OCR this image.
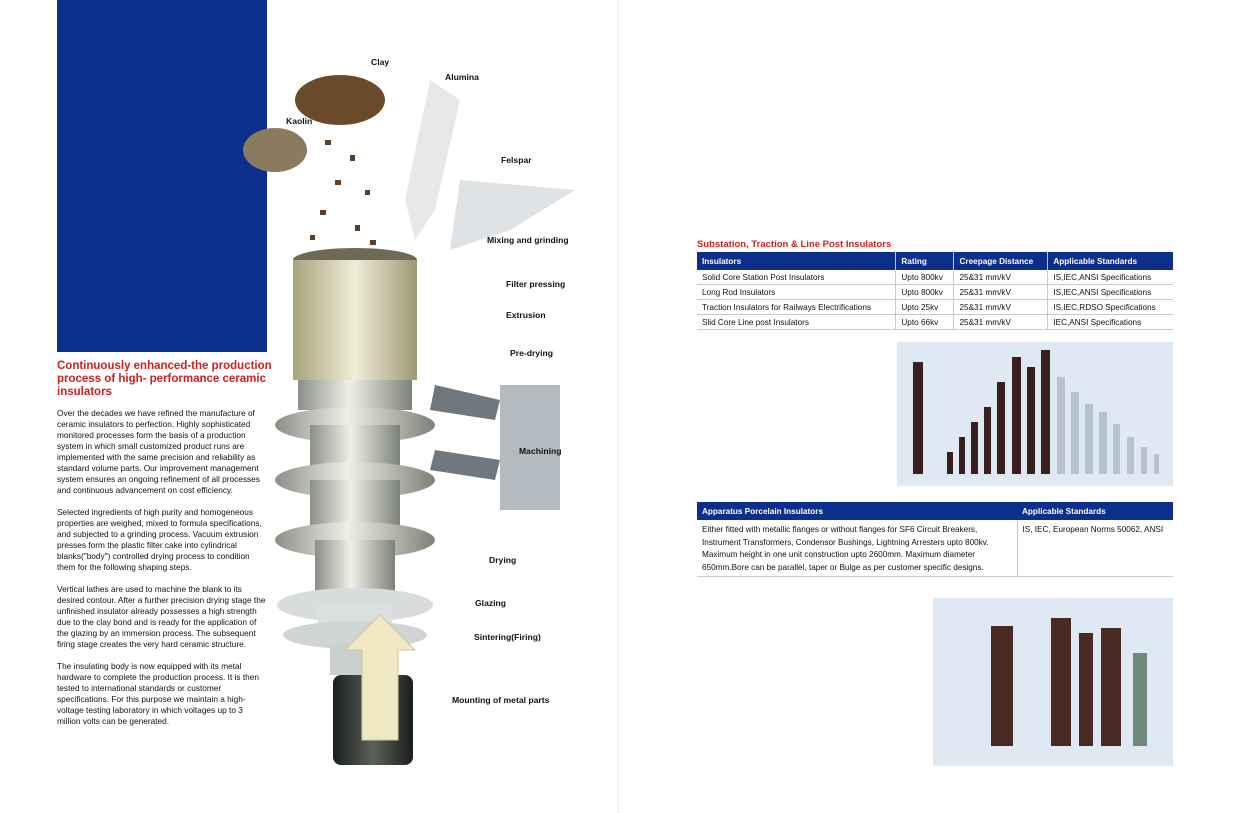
Continuously enhanced-the production process of high- performance ceramic insulators

Over the decades we have refined the manufacture of ceramic insulators to perfection. Highly sophisticated monitored processes form the basis of a production system in which small customized product runs are implemented with the same precision and reliability as standard volume parts. Our improvement management system ensures an ongoing refinement of all processes and continuous advancement on cost efficiency.

Selected ingredients of high purity and homogeneous properties are weighed, mixed to formula specifications, and subjected to a grinding process. Vacuum extrusion presses form the plastic filter cake into cylindrical blanks("body") controlled drying process to condition them for the following shaping steps.

Vertical lathes are used to machine the blank to its desired contour. After a further precision drying stage the unfinished insulator already possesses a high strength due to the clay bond and is ready for the application of the glazing by an immersion process. The subsequent firing stage creates the very hard ceramic structure.

The insulating body is now equipped with its metal hardware to complete the production process. It is then tested to international standards or customer specifications. For this purpose we maintain a high-voltage testing laboratory in which voltages up to 3 million volts can be generated.

Clay
Alumina
Kaolin
Felspar
Mixing and grinding
Filter pressing
Extrusion
Pre-drying
Machining
Drying
Glazing
Sintering(Firing)
Mounting of metal parts
Substation, Traction & Line Post Insulators
Insulators	Rating	Creepage Distance	Applicable Standards
Solid Core Station Post Insulators	Upto 800kv	25&31 mm/kV	IS,IEC,ANSI Specifications
Long Rod Insulators	Upto 800kv	25&31 mm/kV	IS,IEC,ANSI Specifications
Traction Insulators for Railways Electrifications	Upto 25kv	25&31 mm/kV	IS,IEC,RDSO Specifications
Slid Core Line post Insulators	Upto 66kv	25&31 mm/kV	IEC,ANSI Specifications
Apparatus Porcelain Insulators	Applicable Standards
Either fitted with metallic flanges or without flanges for SF6 Circuit Breakers, Instrument Transformers, Condensor Bushings, Lightning Arresters upto 800kv. Maximum height in one unit construction upto 2600mm. Maximum diameter 650mm.Bore can be parallel, taper or Bulge as per customer specific designs.	IS, IEC, European Norms 50062, ANSI
